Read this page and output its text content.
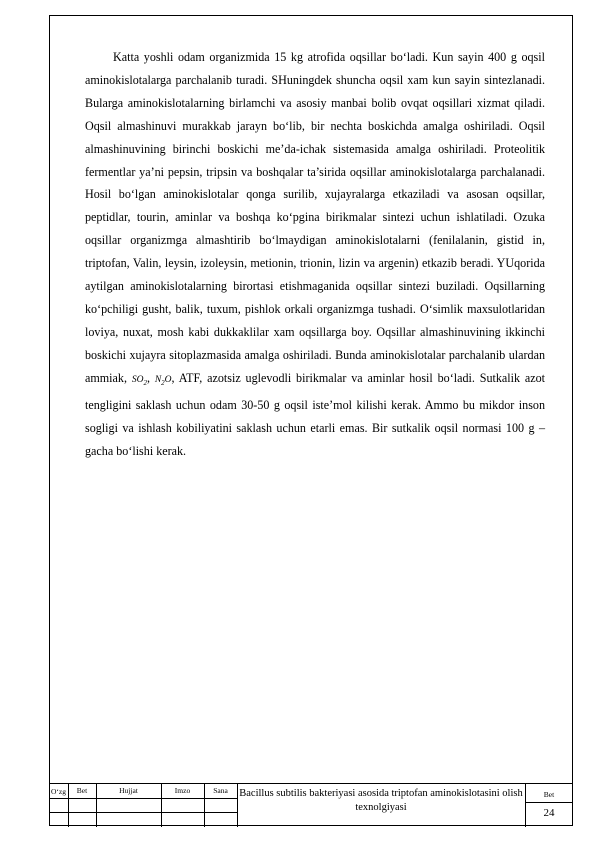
Katta yoshli odam organizmida 15 kg atrofida oqsillar bo‘ladi. Kun sayin 400 g oqsil aminokislotalarga parchalanib turadi. SHuningdek shuncha oqsil xam kun sayin sintezlanadi. Bularga aminokislotalarning birlamchi va asosiy manbai bolib ovqat oqsillari xizmat qiladi. Oqsil almashinuvi murakkab jarayn bo‘lib, bir nechta boskichda amalga oshiriladi. Oqsil almashinuvining birinchi boskichi me’da-ichak sistemasida amalga oshiriladi. Proteolitik fermentlar ya’ni pepsin, tripsin va boshqalar ta’sirida oqsillar aminokislotalarga parchalanadi. Hosil bo‘lgan aminokislotalar qonga surilib, xujayralarga etkaziladi va asosan oqsillar, peptidlar, tourin, aminlar va boshqa ko‘pgina birikmalar sintezi uchun ishlatiladi. Ozuka oqsillar organizmga almashtirib bo‘lmaydigan aminokislotalarni (fenilalanin, gistid in, triptofan, Valin, leysin, izoleysin, metionin, trionin, lizin va argenin) etkazib beradi. YUqorida aytilgan aminokislotalarning birortasi etishmaganida oqsillar sintezi buziladi. Oqsillarning ko‘pchiligi gusht, balik, tuxum, pishlok orkali organizmga tushadi. O‘simlik maxsulotlaridan loviya, nuxat, mosh kabi dukkaklilar xam oqsillarga boy. Oqsillar almashinuvining ikkinchi boskichi xujayra sitoplazmasida amalga oshiriladi. Bunda aminokislotalar parchalanib ulardan ammiak, $SO_2$, $N_2O$, ATF, azotsiz uglevodli birikmalar va aminlar hosil bo‘ladi. Sutkalik azot tengligini saklash uchun odam 30-50 g oqsil iste’mol kilishi kerak. Ammo bu mikdor inson sogligi va ishlash kobiliyatini saklash uchun etarli emas. Bir sutkalik oqsil normasi 100 g – gacha bo‘lishi kerak.

O‘zg	Bet	Hujjat	Imzo	Sana	Bacillus subtilis bakteriyasi asosida triptofan aminokislotasini olish texnolgiyasi
Bet
24
